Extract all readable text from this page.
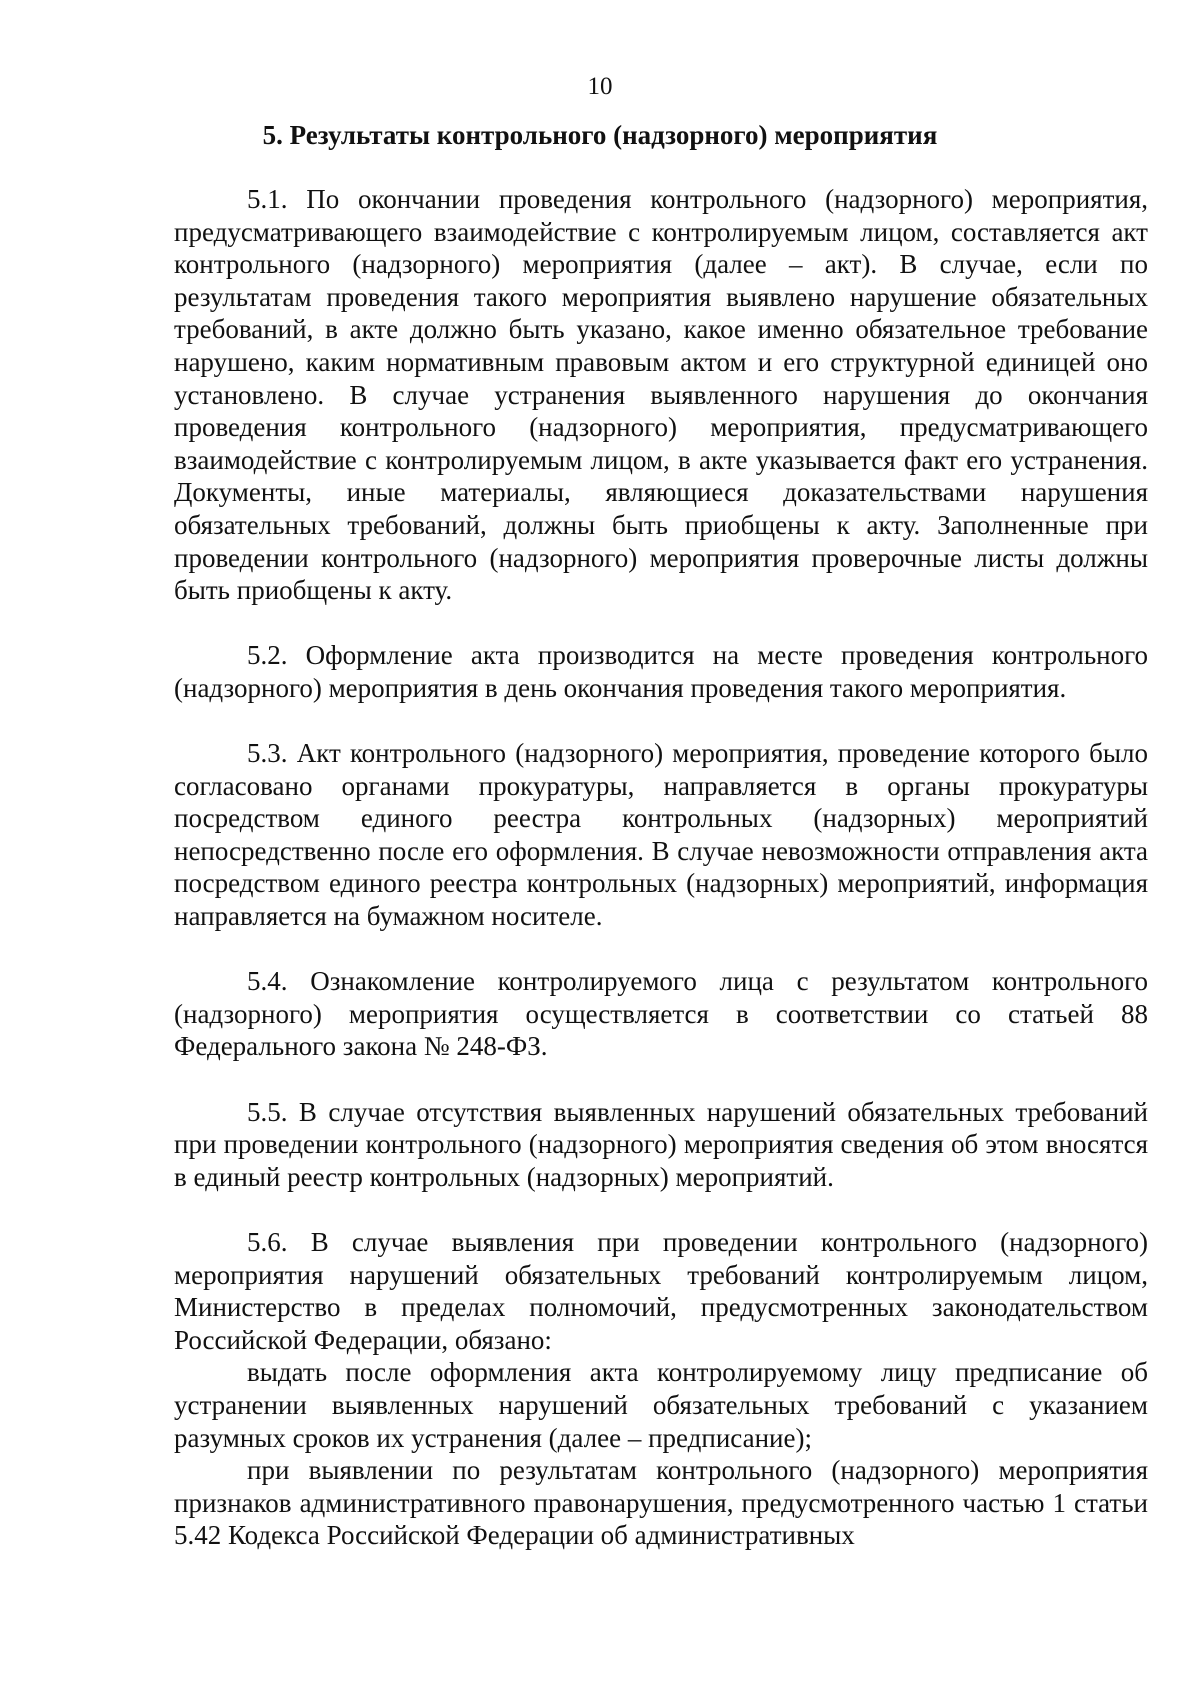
10
5. Результаты контрольного (надзорного) мероприятия

5.1. По окончании проведения контрольного (надзорного) мероприятия, предусматривающего взаимодействие с контролируемым лицом, составляется акт контрольного (надзорного) мероприятия (далее – акт). В случае, если по результатам проведения такого мероприятия выявлено нарушение обязательных требований, в акте должно быть указано, какое именно обязательное требование нарушено, каким нормативным правовым актом и его структурной единицей оно установлено. В случае устранения выявленного нарушения до окончания проведения контрольного (надзорного) мероприятия, предусматривающего взаимодействие с контролируемым лицом, в акте указывается факт его устранения. Документы, иные материалы, являющиеся доказательствами нарушения обязательных требований, должны быть приобщены к акту. Заполненные при проведении контрольного (надзорного) мероприятия проверочные листы должны быть приобщены к акту.

5.2. Оформление акта производится на месте проведения контрольного (надзорного) мероприятия в день окончания проведения такого мероприятия.

5.3. Акт контрольного (надзорного) мероприятия, проведение которого было согласовано органами прокуратуры, направляется в органы прокуратуры посредством единого реестра контрольных (надзорных) мероприятий непосредственно после его оформления. В случае невозможности отправления акта посредством единого реестра контрольных (надзорных) мероприятий, информация направляется на бумажном носителе.

5.4. Ознакомление контролируемого лица с результатом контрольного (надзорного) мероприятия осуществляется в соответствии со статьей 88 Федерального закона № 248-ФЗ.

5.5. В случае отсутствия выявленных нарушений обязательных требований при проведении контрольного (надзорного) мероприятия сведения об этом вносятся в единый реестр контрольных (надзорных) мероприятий.

5.6. В случае выявления при проведении контрольного (надзорного) мероприятия нарушений обязательных требований контролируемым лицом, Министерство в пределах полномочий, предусмотренных законодательством Российской Федерации, обязано:

выдать после оформления акта контролируемому лицу предписание об устранении выявленных нарушений обязательных требований с указанием разумных сроков их устранения (далее – предписание);

при выявлении по результатам контрольного (надзорного) мероприятия признаков административного правонарушения, предусмотренного частью 1 статьи 5.42 Кодекса Российской Федерации об административных
